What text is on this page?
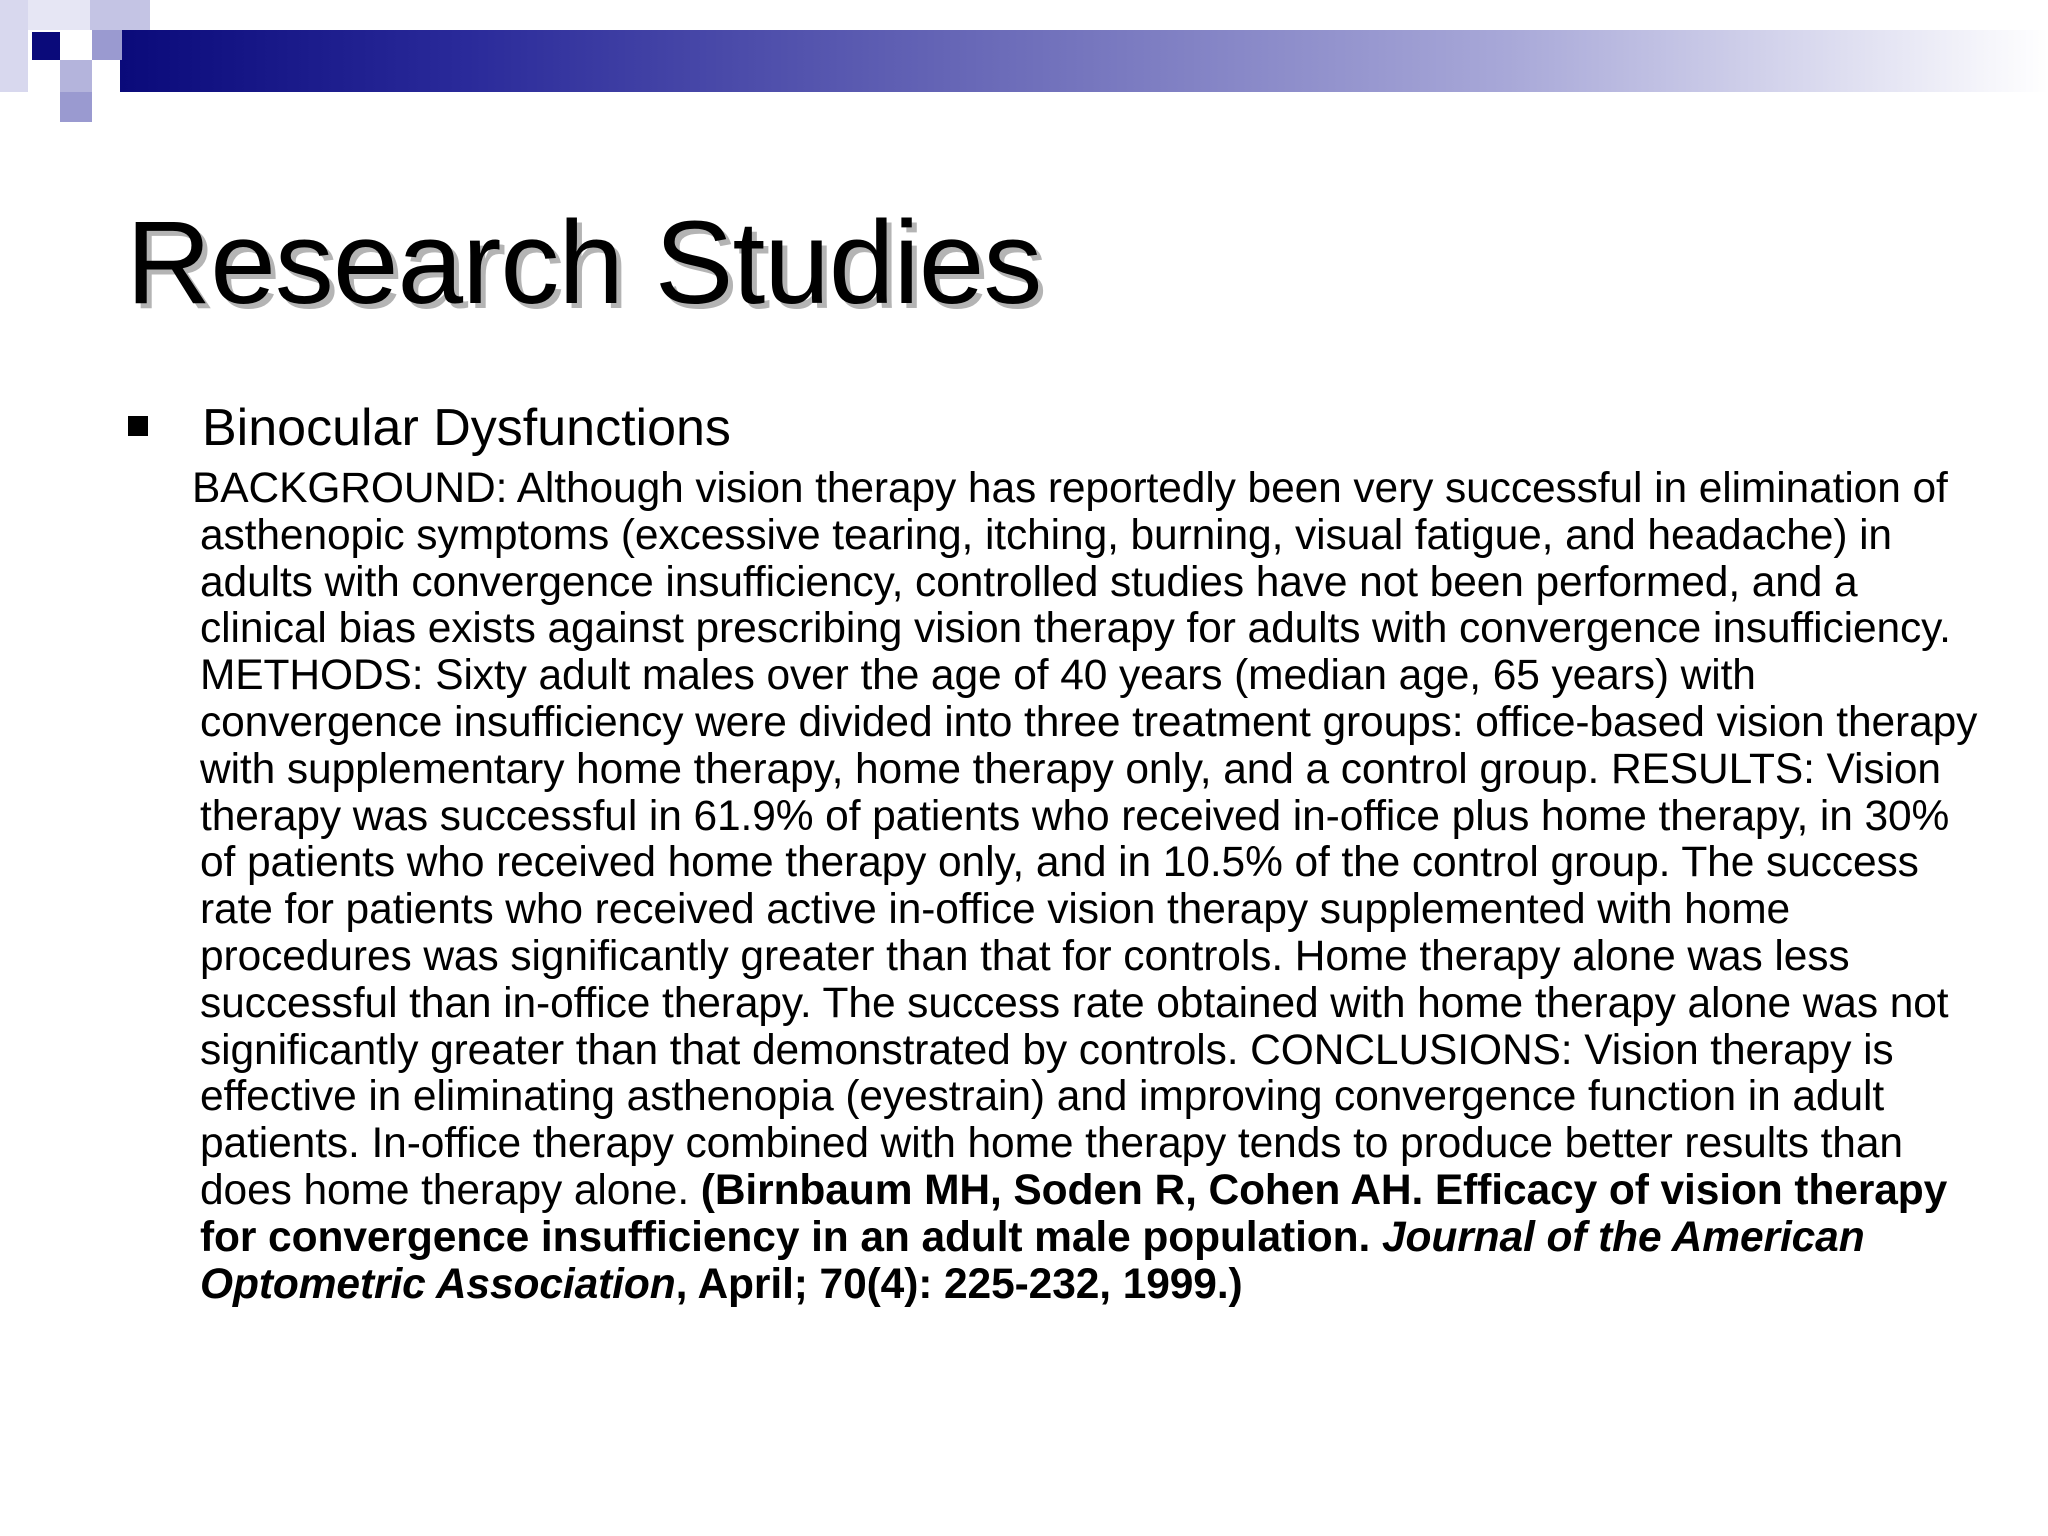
Research Studies
Binocular Dysfunctions

BACKGROUND: Although vision therapy has reportedly been very successful in elimination of asthenopic symptoms (excessive tearing, itching, burning, visual fatigue, and headache) in adults with convergence insufficiency, controlled studies have not been performed, and a clinical bias exists against prescribing vision therapy for adults with convergence insufficiency. METHODS: Sixty adult males over the age of 40 years (median age, 65 years) with convergence insufficiency were divided into three treatment groups: office-based vision therapy with supplementary home therapy, home therapy only, and a control group. RESULTS: Vision therapy was successful in 61.9% of patients who received in-office plus home therapy, in 30% of patients who received home therapy only, and in 10.5% of the control group. The success rate for patients who received active in-office vision therapy supplemented with home procedures was significantly greater than that for controls. Home therapy alone was less successful than in-office therapy. The success rate obtained with home therapy alone was not significantly greater than that demonstrated by controls. CONCLUSIONS: Vision therapy is effective in eliminating asthenopia (eyestrain) and improving convergence function in adult patients. In-office therapy combined with home therapy tends to produce better results than does home therapy alone. (Birnbaum MH, Soden R, Cohen AH. Efficacy of vision therapy for convergence insufficiency in an adult male population. Journal of the American Optometric Association, April; 70(4): 225-232, 1999.)
